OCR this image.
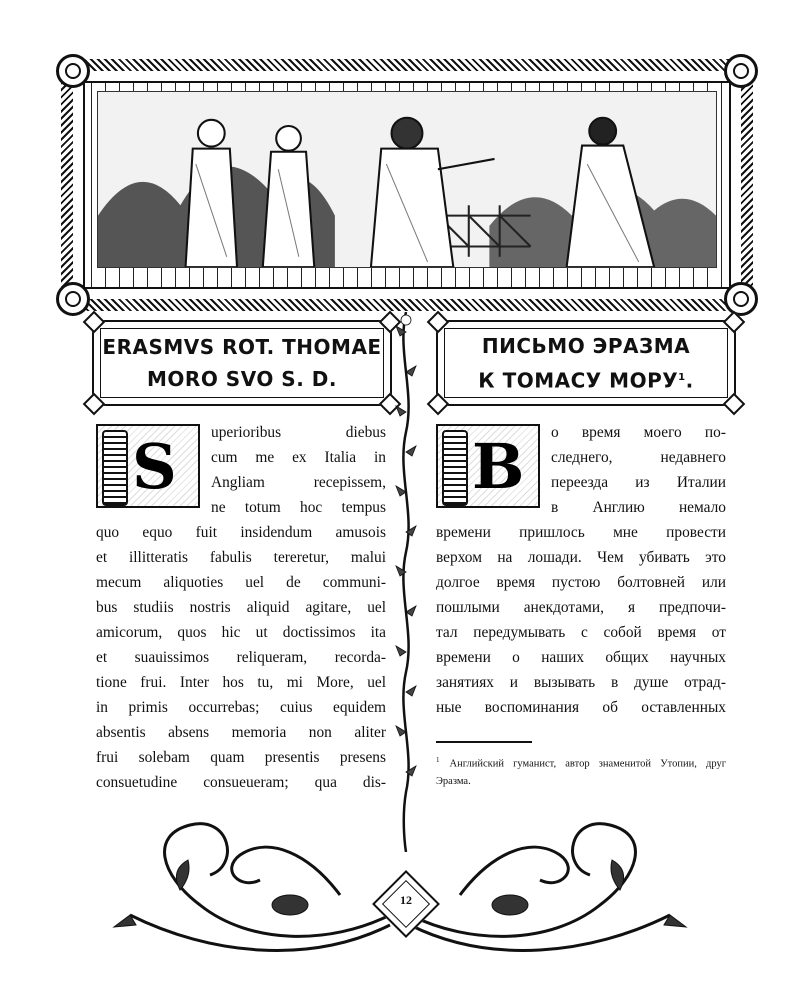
ERASMVS ROT. THOMAE
MORO SVO S. D.
ПИСЬМО ЭРАЗМА
К ТОМАСУ МОРУ$^1$.
S uperioribus diebus
cum me ex Italia in
Angliam recepissem,
ne totum hoc tempus
quo equo fuit insidendum amusois
et illitteratis fabulis tereretur, malui
mecum aliquoties uel de communi-
bus studiis nostris aliquid agitare, uel
amicorum, quos hic ut doctissimos ita
et suauissimos reliqueram, recorda-
tione frui. Inter hos tu, mi More, uel
in primis occurrebas; cuius equidem
absentis absens memoria non aliter
frui solebam quam presentis presens
consuetudine consueueram; qua dis-
В о время моего по-
следнего, недавнего
переезда из Италии
в Англию немало
времени пришлось мне провести
верхом на лошади. Чем убивать это
долгое время пустою болтовней или
пошлыми анекдотами, я предпочи-
тал передумывать с собой время от
времени о наших общих научных
занятиях и вызывать в душе отрад-
ные воспоминания об оставленных
$^1$ Английский гуманист, автор знаменитой Утопии, друг Эразма.
12
